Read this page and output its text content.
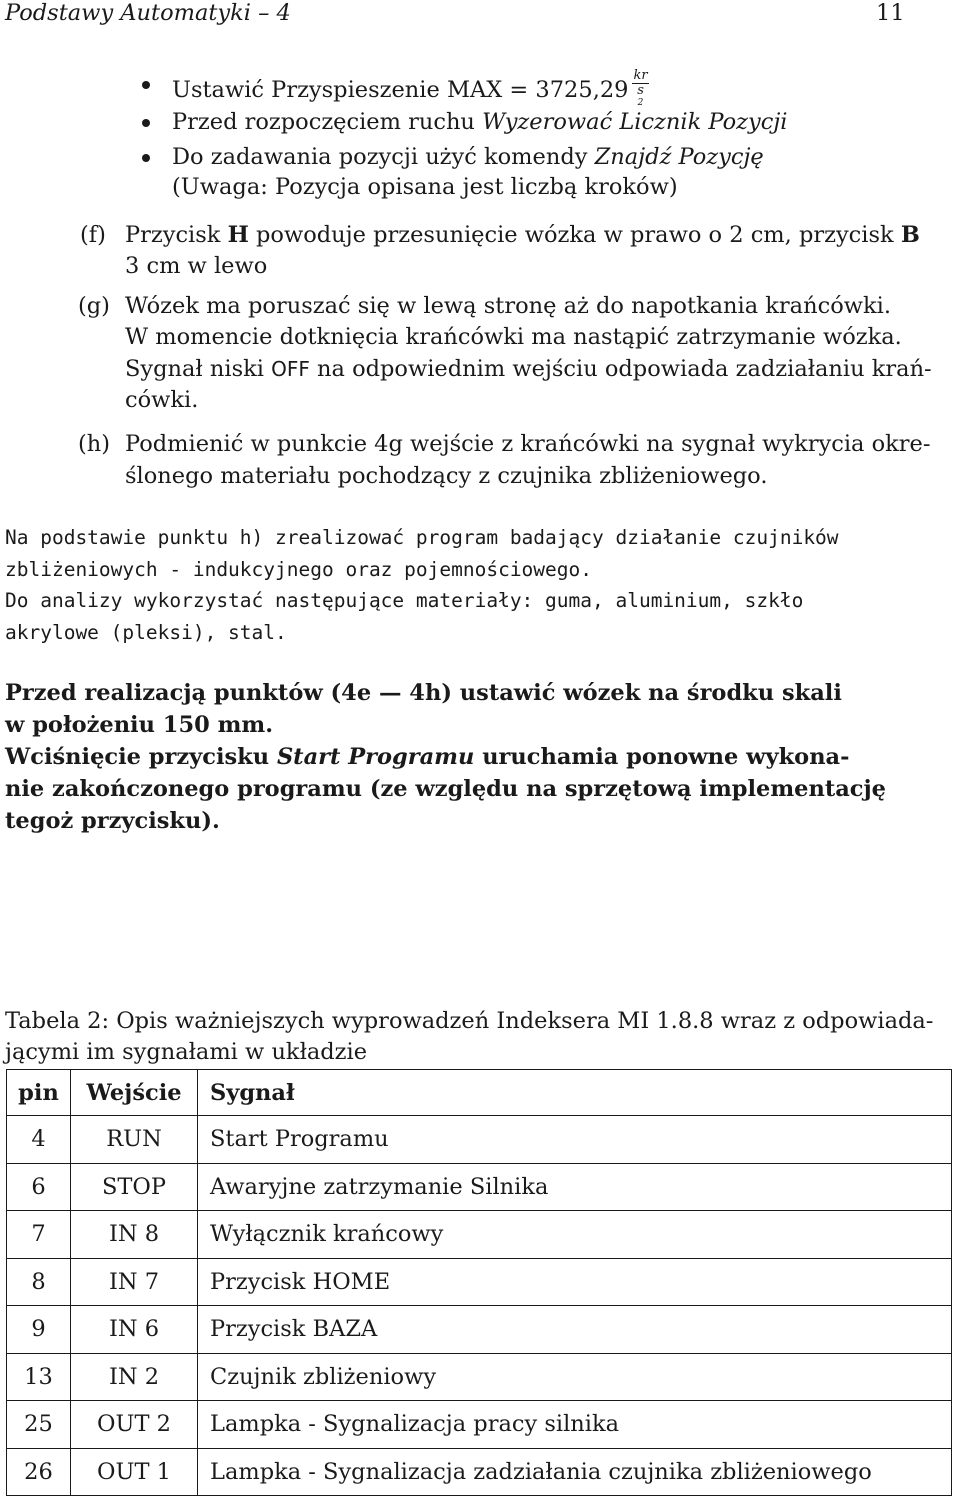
Podstawy Automatyki – 4	11
Ustawić Przyspieszenie MAX = 3725,29 kr
s
$^2$
Przed rozpoczęciem ruchu Wyzerować Licznik Pozycji
Do zadawania pozycji użyć komendy Znajdź Pozycję
(Uwaga: Pozycja opisana jest liczbą kroków)
(f) Przycisk H powoduje przesunięcie wózka w prawo o 2 cm, przycisk B
3 cm w lewo
(g) Wózek ma poruszać się w lewą stronę aż do napotkania krańcówki.
W momencie dotknięcia krańcówki ma nastąpić zatrzymanie wózka.
Sygnał niski OFF na odpowiednim wejściu odpowiada zadziałaniu krań-
cówki.
(h) Podmienić w punkcie 4g wejście z krańcówki na sygnał wykrycia okre-
ślonego materiału pochodzący z czujnika zbliżeniowego.
Na podstawie punktu h) zrealizować program badający działanie czujników
zbliżeniowych - indukcyjnego oraz pojemnościowego.
Do analizy wykorzystać następujące materiały: guma, aluminium, szkło
akrylowe (pleksi), stal.
Przed realizacją punktów (4e — 4h) ustawić wózek na środku skali
w położeniu 150 mm.
Wciśnięcie przycisku Start Programu uruchamia ponowne wykona-
nie zakończonego programu (ze względu na sprzętową implementację
tegoż przycisku).
Tabela 2: Opis ważniejszych wyprowadzeń Indeksera MI 1.8.8 wraz z odpowiada-
jącymi im sygnałami w układzie
pin	Wejście	Sygnał
4	RUN	Start Programu
6	STOP	Awaryjne zatrzymanie Silnika
7	IN 8	Wyłącznik krańcowy
8	IN 7	Przycisk HOME
9	IN 6	Przycisk BAZA
13	IN 2	Czujnik zbliżeniowy
25	OUT 2	Lampka - Sygnalizacja pracy silnika
26	OUT 1	Lampka - Sygnalizacja zadziałania czujnika zbliżeniowego
